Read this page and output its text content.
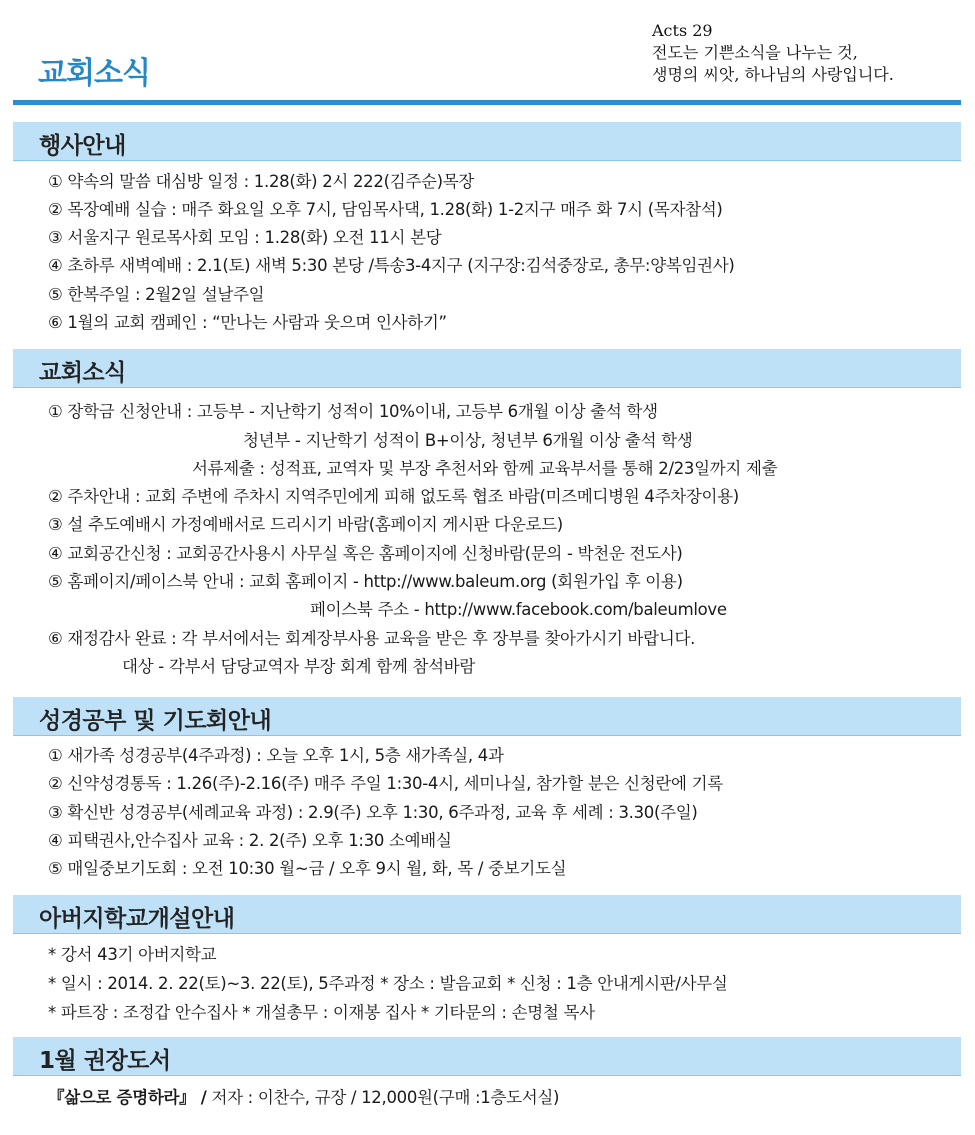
교회소식
Acts 29
전도는 기쁜소식을 나누는 것,
생명의 씨앗, 하나님의 사랑입니다.
행사안내
① 약속의 말씀 대심방 일정 : 1.28(화) 2시 222(김주순)목장
② 목장예배 실습 : 매주 화요일 오후 7시, 담임목사댁, 1.28(화) 1-2지구 매주 화 7시 (목자참석)
③ 서울지구 원로목사회 모임 : 1.28(화) 오전 11시 본당
④ 초하루 새벽예배 : 2.1(토) 새벽 5:30 본당 /특송3-4지구 (지구장:김석중장로, 총무:양복임권사)
⑤ 한복주일 : 2월2일 설날주일
⑥ 1월의 교회 캠페인 : “만나는 사람과 웃으며 인사하기”
교회소식
① 장학금 신청안내 : 고등부 - 지난학기 성적이 10%이내, 고등부 6개월 이상 출석 학생
청년부 - 지난학기 성적이 B+이상, 청년부 6개월 이상 출석 학생
서류제출 : 성적표, 교역자 및 부장 추천서와 함께 교육부서를 통해 2/23일까지 제출
② 주차안내 : 교회 주변에 주차시 지역주민에게 피해 없도록 협조 바람(미즈메디병원 4주차장이용)
③ 설 추도예배시 가정예배서로 드리시기 바람(홈페이지 게시판 다운로드)
④ 교회공간신청 : 교회공간사용시 사무실 혹은 홈페이지에 신청바람(문의 - 박천운 전도사)
⑤ 홈페이지/페이스북 안내 : 교회 홈페이지 - http://www.baleum.org (회원가입 후 이용)
페이스북 주소 - http://www.facebook.com/baleumlove
⑥ 재정감사 완료 : 각 부서에서는 회계장부사용 교육을 받은 후 장부를 찾아가시기 바랍니다.
대상 - 각부서 담당교역자 부장 회계 함께 참석바람
성경공부 및 기도회안내
① 새가족 성경공부(4주과정) : 오늘 오후 1시, 5층 새가족실, 4과
② 신약성경통독 : 1.26(주)-2.16(주) 매주 주일 1:30-4시, 세미나실, 참가할 분은 신청란에 기록
③ 확신반 성경공부(세례교육 과정) : 2.9(주) 오후 1:30, 6주과정, 교육 후 세례 : 3.30(주일)
④ 피택권사,안수집사 교육 : 2. 2(주) 오후 1:30 소예배실
⑤ 매일중보기도회 : 오전 10:30 월~금 / 오후 9시 월, 화, 목 / 중보기도실
아버지학교개설안내
* 강서 43기 아버지학교
* 일시 : 2014. 2. 22(토)~3. 22(토), 5주과정 * 장소 : 발음교회 * 신청 : 1층 안내게시판/사무실
* 파트장 : 조정갑 안수집사 * 개설총무 : 이재봉 집사 * 기타문의 : 손명철 목사
1월 권장도서
『삶으로 증명하라』 / 저자 : 이찬수, 규장 / 12,000원(구매 :1층도서실)
